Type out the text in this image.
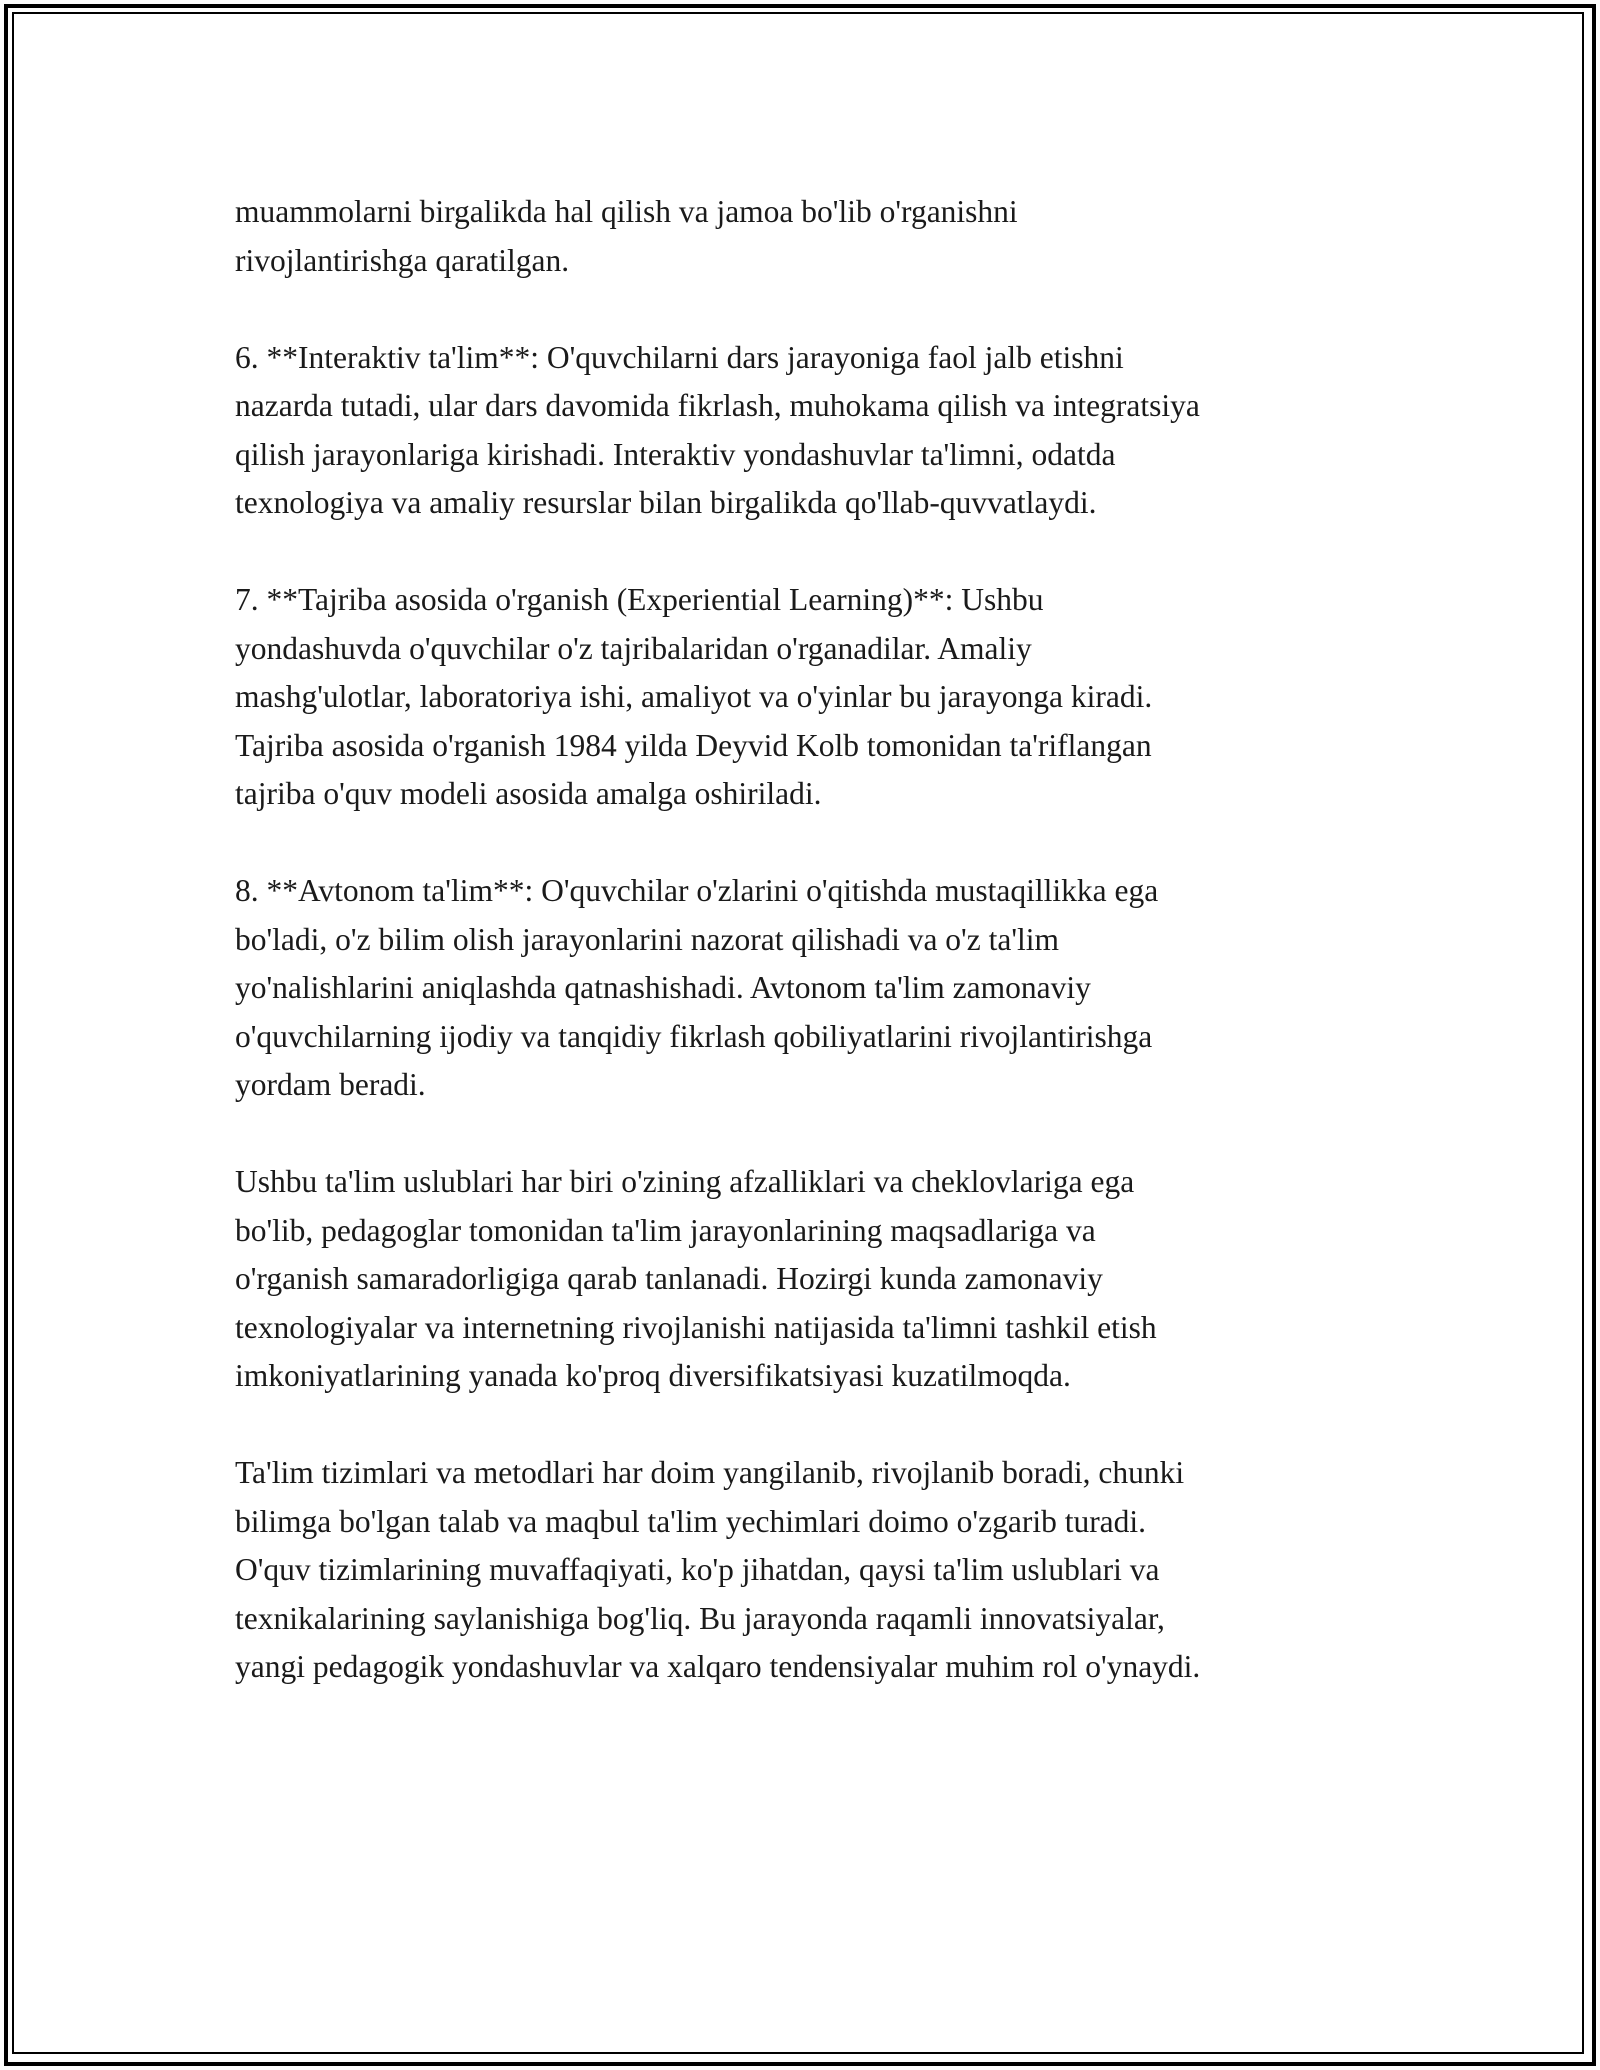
muammolarni birgalikda hal qilish va jamoa bo'lib o'rganishni
rivojlantirishga qaratilgan.

6. **Interaktiv ta'lim**: O'quvchilarni dars jarayoniga faol jalb etishni
nazarda tutadi, ular dars davomida fikrlash, muhokama qilish va integratsiya
qilish jarayonlariga kirishadi. Interaktiv yondashuvlar ta'limni, odatda
texnologiya va amaliy resurslar bilan birgalikda qo'llab-quvvatlaydi.

7. **Tajriba asosida o'rganish (Experiential Learning)**: Ushbu
yondashuvda o'quvchilar o'z tajribalaridan o'rganadilar. Amaliy
mashg'ulotlar, laboratoriya ishi, amaliyot va o'yinlar bu jarayonga kiradi.
Tajriba asosida o'rganish 1984 yilda Deyvid Kolb tomonidan ta'riflangan
tajriba o'quv modeli asosida amalga oshiriladi.

8. **Avtonom ta'lim**: O'quvchilar o'zlarini o'qitishda mustaqillikka ega
bo'ladi, o'z bilim olish jarayonlarini nazorat qilishadi va o'z ta'lim
yo'nalishlarini aniqlashda qatnashishadi. Avtonom ta'lim zamonaviy
o'quvchilarning ijodiy va tanqidiy fikrlash qobiliyatlarini rivojlantirishga
yordam beradi.

Ushbu ta'lim uslublari har biri o'zining afzalliklari va cheklovlariga ega
bo'lib, pedagoglar tomonidan ta'lim jarayonlarining maqsadlariga va
o'rganish samaradorligiga qarab tanlanadi. Hozirgi kunda zamonaviy
texnologiyalar va internetning rivojlanishi natijasida ta'limni tashkil etish
imkoniyatlarining yanada ko'proq diversifikatsiyasi kuzatilmoqda.

Ta'lim tizimlari va metodlari har doim yangilanib, rivojlanib boradi, chunki
bilimga bo'lgan talab va maqbul ta'lim yechimlari doimo o'zgarib turadi.
O'quv tizimlarining muvaffaqiyati, ko'p jihatdan, qaysi ta'lim uslublari va
texnikalarining saylanishiga bog'liq. Bu jarayonda raqamli innovatsiyalar,
yangi pedagogik yondashuvlar va xalqaro tendensiyalar muhim rol o'ynaydi.
